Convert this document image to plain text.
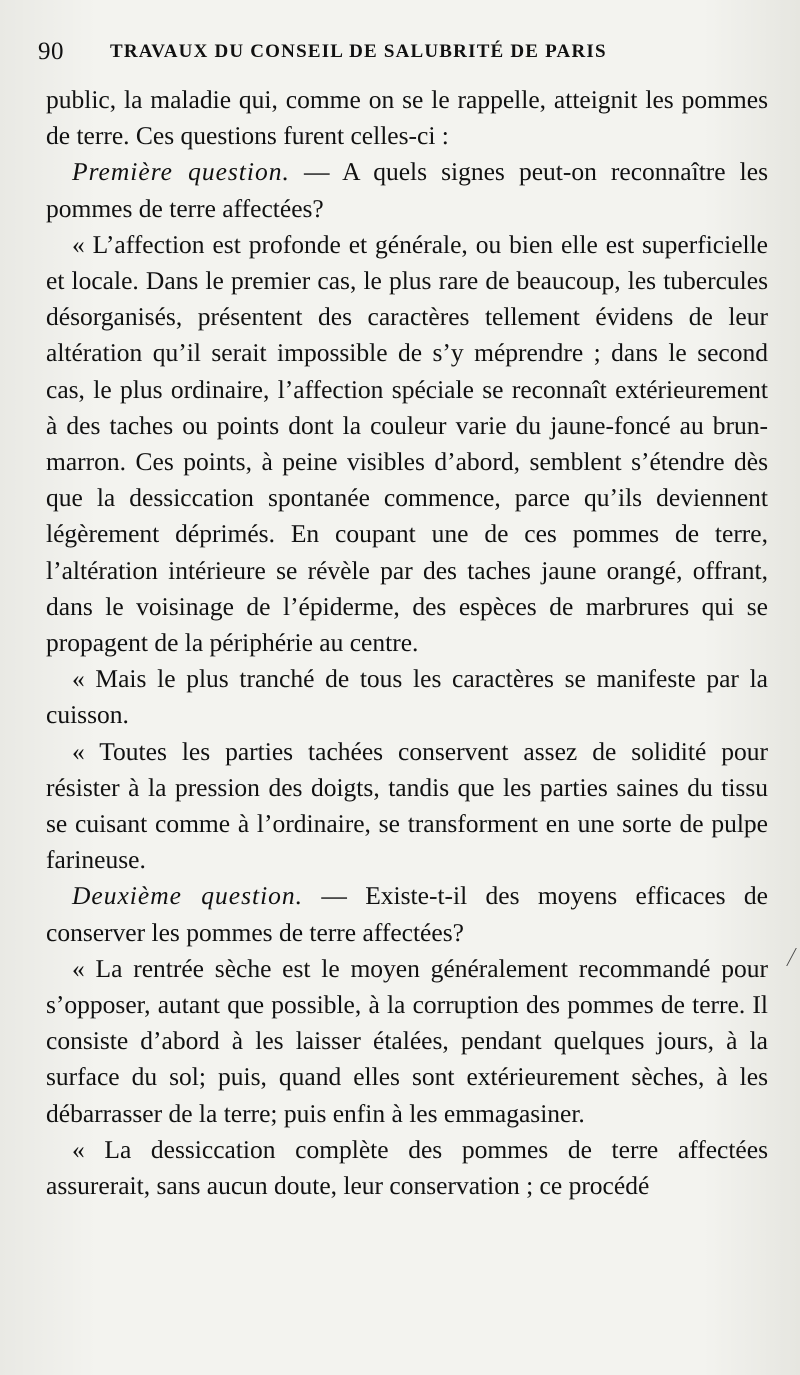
90 TRAVAUX DU CONSEIL DE SALUBRITÉ DE PARIS

public, la maladie qui, comme on se le rappelle, atteignit les pommes de terre. Ces questions furent celles-ci :

Première question. — A quels signes peut-on reconnaître les pommes de terre affectées?

« L’affection est profonde et générale, ou bien elle est superficielle et locale. Dans le premier cas, le plus rare de beaucoup, les tubercules désorganisés, présentent des caractères tellement évidens de leur altération qu’il serait impossible de s’y méprendre ; dans le second cas, le plus ordinaire, l’affection spéciale se reconnaît extérieurement à des taches ou points dont la couleur varie du jaune-foncé au brun-marron. Ces points, à peine visibles d’abord, semblent s’étendre dès que la dessiccation spontanée commence, parce qu’ils deviennent légèrement déprimés. En coupant une de ces pommes de terre, l’altération intérieure se révèle par des taches jaune orangé, offrant, dans le voisinage de l’épiderme, des espèces de marbrures qui se propagent de la périphérie au centre.

« Mais le plus tranché de tous les caractères se manifeste par la cuisson.

« Toutes les parties tachées conservent assez de solidité pour résister à la pression des doigts, tandis que les parties saines du tissu se cuisant comme à l’ordinaire, se transforment en une sorte de pulpe farineuse.

Deuxième question. — Existe-t-il des moyens efficaces de conserver les pommes de terre affectées?

« La rentrée sèche est le moyen généralement recommandé pour s’opposer, autant que possible, à la corruption des pommes de terre. Il consiste d’abord à les laisser étalées, pendant quelques jours, à la surface du sol; puis, quand elles sont extérieurement sèches, à les débarrasser de la terre; puis enfin à les emmagasiner.

« La dessiccation complète des pommes de terre affectées assurerait, sans aucun doute, leur conservation ; ce procédé
